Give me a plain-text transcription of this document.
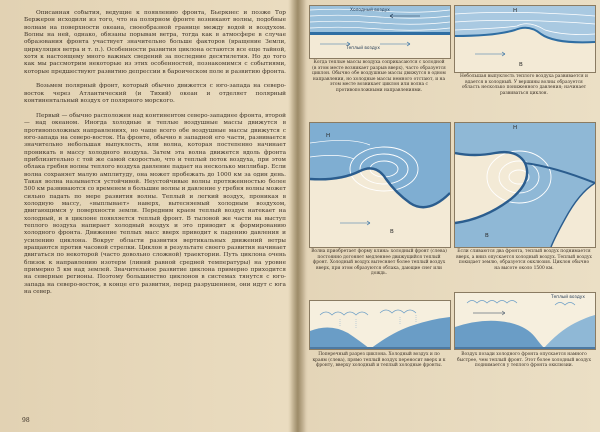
Описанная события, ведущие к появлению фронта, Бьеркнес и позже Тор Бержерон исходили из того, что на полярном фронте возникают волны, подобные волнам на поверхности океана, своеобразной границе между водой и воздухом. Волны на ней, однако, обязаны порывам ветра, тогда как в атмосфере в случае образования фронта участвует значительно больше факторов (вращение Земли, циркуляция ветра и т. п.). Особенности развития циклона остаются все еще тайной, хотя к настоящему много важных сведений за последние десятилетия. Но до того как мы рассмотрим некоторые из этих особенностей, познакомимся с событиями, которые предшествуют развитию депрессии в бароическом поле и развитию фронта.

Возьмем полярный фронт, который обычно движется с юго-запада на северо-восток через Атлантический (и Тихий) океан и отделяет полярный континентальный воздух от полярного морского.

Первый — обычно расположен над континентом северо-западнее фронта, второй — над океаном. Иногда холодные и теплые воздушные массы движутся в противоположных направлениях, но чаще всего обе воздушные массы движутся с юго-запада на северо-восток. На фронте, обычно в западной его части, развивается значительно небольшая выпуклость, или волна, которая постепенно начинает проникать в массу холодного воздуха. Затем эта волна движется вдоль фронта приблизительно с той же самой скоростью, что и теплый поток воздуха, при этом облака гребня волны теплого воздуха давление падает на несколько миллибар. Если волна сохраняет малую амплитуду, она может пробежать до 1000 км за один день. Такая волна называется устойчивой. Неустойчивые волны протяженностью более 500 км развиваются со временем в большие волны и давление у гребня волны может сильно падать по мере развития волны. Теплый и легкий воздух, проникая в холодную массу, «выплывает» наверх, вытесняемый холодным воздухом, двигающимся у поверхности земли. Передним краем теплый воздух натекает на холодный, и в циклоне появляется теплый фронт. В тыловой же части на выступ теплого воздуха напирает холодный воздух и это приводит к формированию холодного фронта. Движение теплых масс вверх приводит к падению давления и усилению циклона. Вокруг области развития вертикальных движений ветры вращаются против часовой стрелки. Циклон в результате своего развития начинает двигаться по некоторой (часто довольно сложной) траектории. Путь циклона очень близок к направлению изотерм (линий равной средней температуры) на уровне примерно 5 км над землей. Значительное развитие циклона примерно приходится на северные регионы. Поэтому большинство циклонов в системах тянутся с юго-запада на северо-восток, в конце его развития, перед разрушением, они идут с юга на север.

98
Холодный воздух
Теплый воздух
Когда теплые массы воздуха соприкасаются с холодной (в этом месте возникает разрыв вверх), часто образуется циклон. Обычно обе воздушные массы движутся в одном направлении, но холодные массы немного отстают, и на этом месте возникает циклон или волна с противоположными направлениями.
Н
В
Небольшая выпуклость теплого воздуха развивается и вдается в холодный. У вершины волны образуется область несколько пониженного давления; начинает развиваться циклон.
Н
В
Волна приобретает форму клина: холодный фронт (слева) постоянно догоняет медленнее движущийся теплый фронт. Холодный воздух вытесняет более теплый воздух вверх, при этом образуются облака, дающие снег или дождь.
Н
В
Если сливаются два фронта, теплый воздух поднимается вверх, а вниз опускается холодный воздух. Теплый воздух покидает землю, образуется окклюзия. Циклон обычно на высоте около 1500 км.
Поперечный разрез циклона. Холодный воздух и по краям (слева), прямо теплый воздух переносит вверх и к фронту, вверху холодный и теплый холодные фронты.
Теплый воздух
Воздух позади холодного фронта опускается намного быстрее, чем теплый фронт. Этот более холодный воздух поднимается у теплого фронта окклюзии.
